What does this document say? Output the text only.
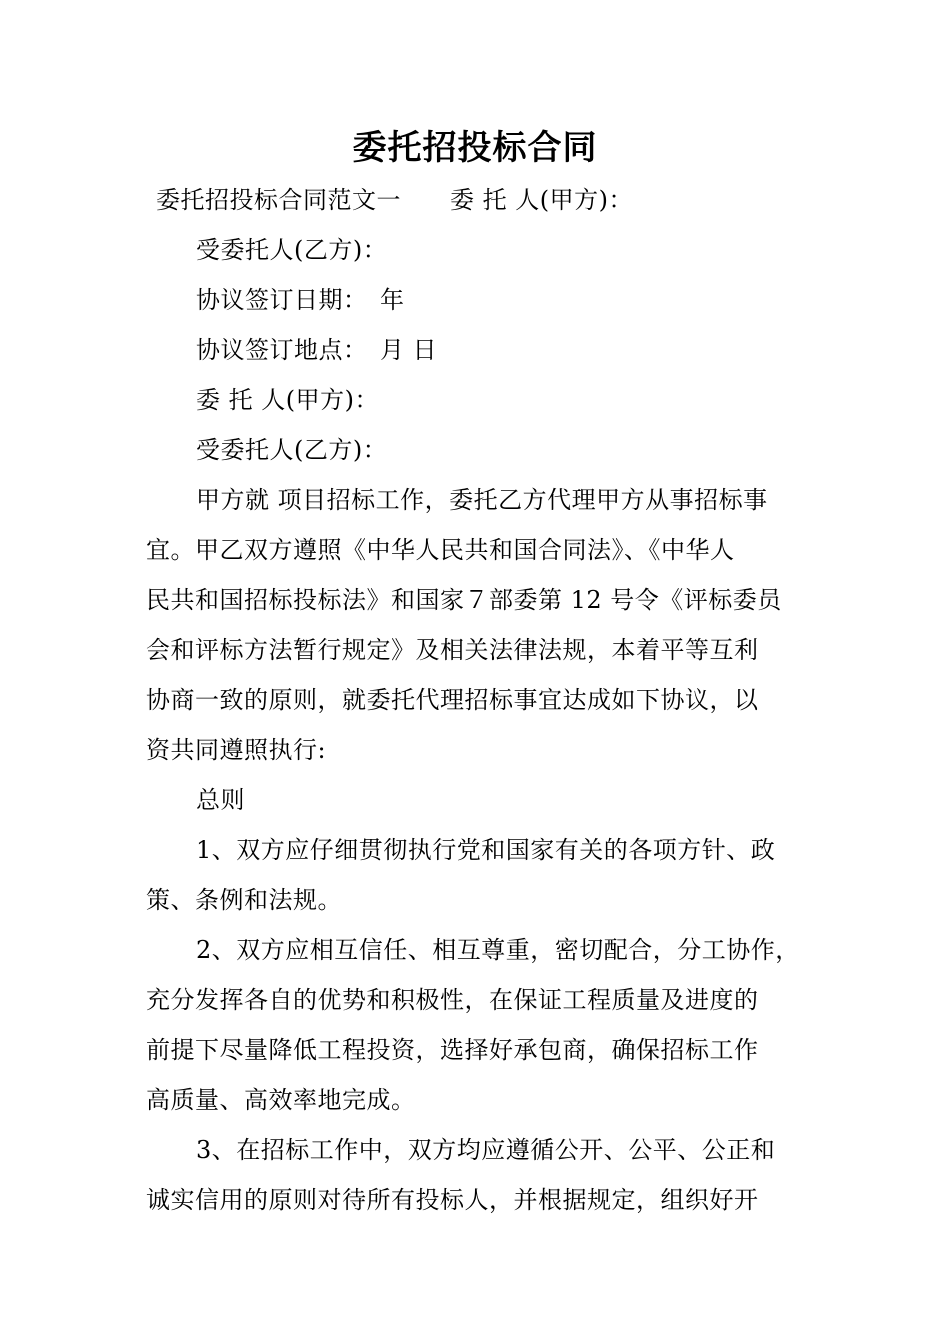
委托招投标合同
委托招投标合同范文一　　委 托 人(甲方)：
受委托人(乙方)：
协议签订日期：　年
协议签订地点：　月 日
委 托 人(甲方)：
受委托人(乙方)：
甲方就 项目招标工作，委托乙方代理甲方从事招标事
宜。甲乙双方遵照《中华人民共和国合同法》、《中华人
民共和国招标投标法》和国家７部委第 12 号令《评标委员
会和评标方法暂行规定》及相关法律法规，本着平等互利
协商一致的原则，就委托代理招标事宜达成如下协议，以
资共同遵照执行:
总则
1、双方应仔细贯彻执行党和国家有关的各项方针、政
策、条例和法规。
2、双方应相互信任、相互尊重，密切配合，分工协作，
充分发挥各自的优势和积极性，在保证工程质量及进度的
前提下尽量降低工程投资，选择好承包商，确保招标工作
高质量、高效率地完成。
3、在招标工作中，双方均应遵循公开、公平、公正和
诚实信用的原则对待所有投标人，并根据规定，组织好开
